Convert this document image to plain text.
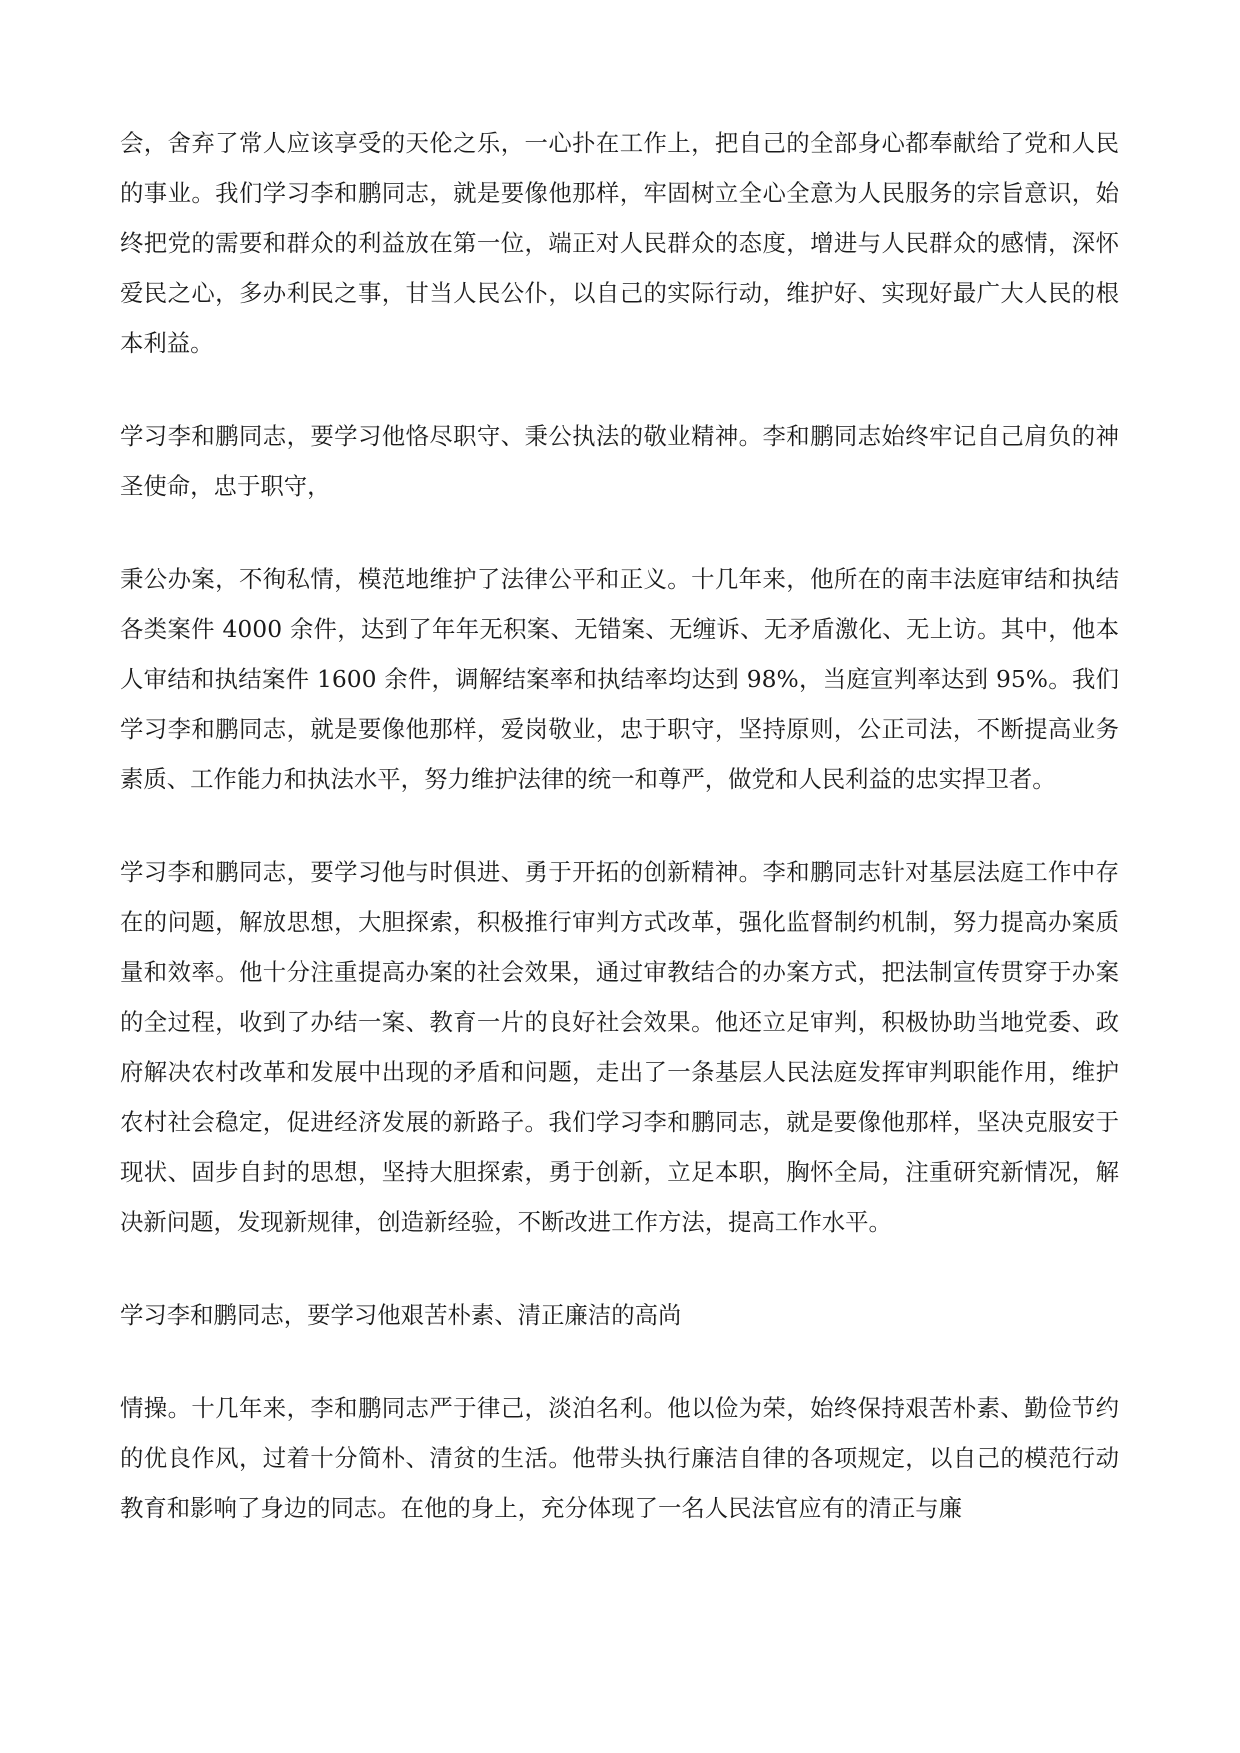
会，舍弃了常人应该享受的天伦之乐，一心扑在工作上，把自己的全部身心都奉献给了党和人民的事业。我们学习李和鹏同志，就是要像他那样，牢固树立全心全意为人民服务的宗旨意识，始终把党的需要和群众的利益放在第一位，端正对人民群众的态度，增进与人民群众的感情，深怀爱民之心，多办利民之事，甘当人民公仆，以自己的实际行动，维护好、实现好最广大人民的根本利益。

学习李和鹏同志，要学习他恪尽职守、秉公执法的敬业精神。李和鹏同志始终牢记自己肩负的神圣使命，忠于职守，

秉公办案，不徇私情，模范地维护了法律公平和正义。十几年来，他所在的南丰法庭审结和执结各类案件 4000 余件，达到了年年无积案、无错案、无缠诉、无矛盾激化、无上访。其中，他本人审结和执结案件 1600 余件，调解结案率和执结率均达到 98%，当庭宣判率达到 95%。我们学习李和鹏同志，就是要像他那样，爱岗敬业，忠于职守，坚持原则，公正司法，不断提高业务素质、工作能力和执法水平，努力维护法律的统一和尊严，做党和人民利益的忠实捍卫者。

学习李和鹏同志，要学习他与时俱进、勇于开拓的创新精神。李和鹏同志针对基层法庭工作中存在的问题，解放思想，大胆探索，积极推行审判方式改革，强化监督制约机制，努力提高办案质量和效率。他十分注重提高办案的社会效果，通过审教结合的办案方式，把法制宣传贯穿于办案的全过程，收到了办结一案、教育一片的良好社会效果。他还立足审判，积极协助当地党委、政府解决农村改革和发展中出现的矛盾和问题，走出了一条基层人民法庭发挥审判职能作用，维护农村社会稳定，促进经济发展的新路子。我们学习李和鹏同志，就是要像他那样，坚决克服安于现状、固步自封的思想，坚持大胆探索，勇于创新，立足本职，胸怀全局，注重研究新情况，解决新问题，发现新规律，创造新经验，不断改进工作方法，提高工作水平。

学习李和鹏同志，要学习他艰苦朴素、清正廉洁的高尚

情操。十几年来，李和鹏同志严于律己，淡泊名利。他以俭为荣，始终保持艰苦朴素、勤俭节约的优良作风，过着十分简朴、清贫的生活。他带头执行廉洁自律的各项规定，以自己的模范行动教育和影响了身边的同志。在他的身上，充分体现了一名人民法官应有的清正与廉
